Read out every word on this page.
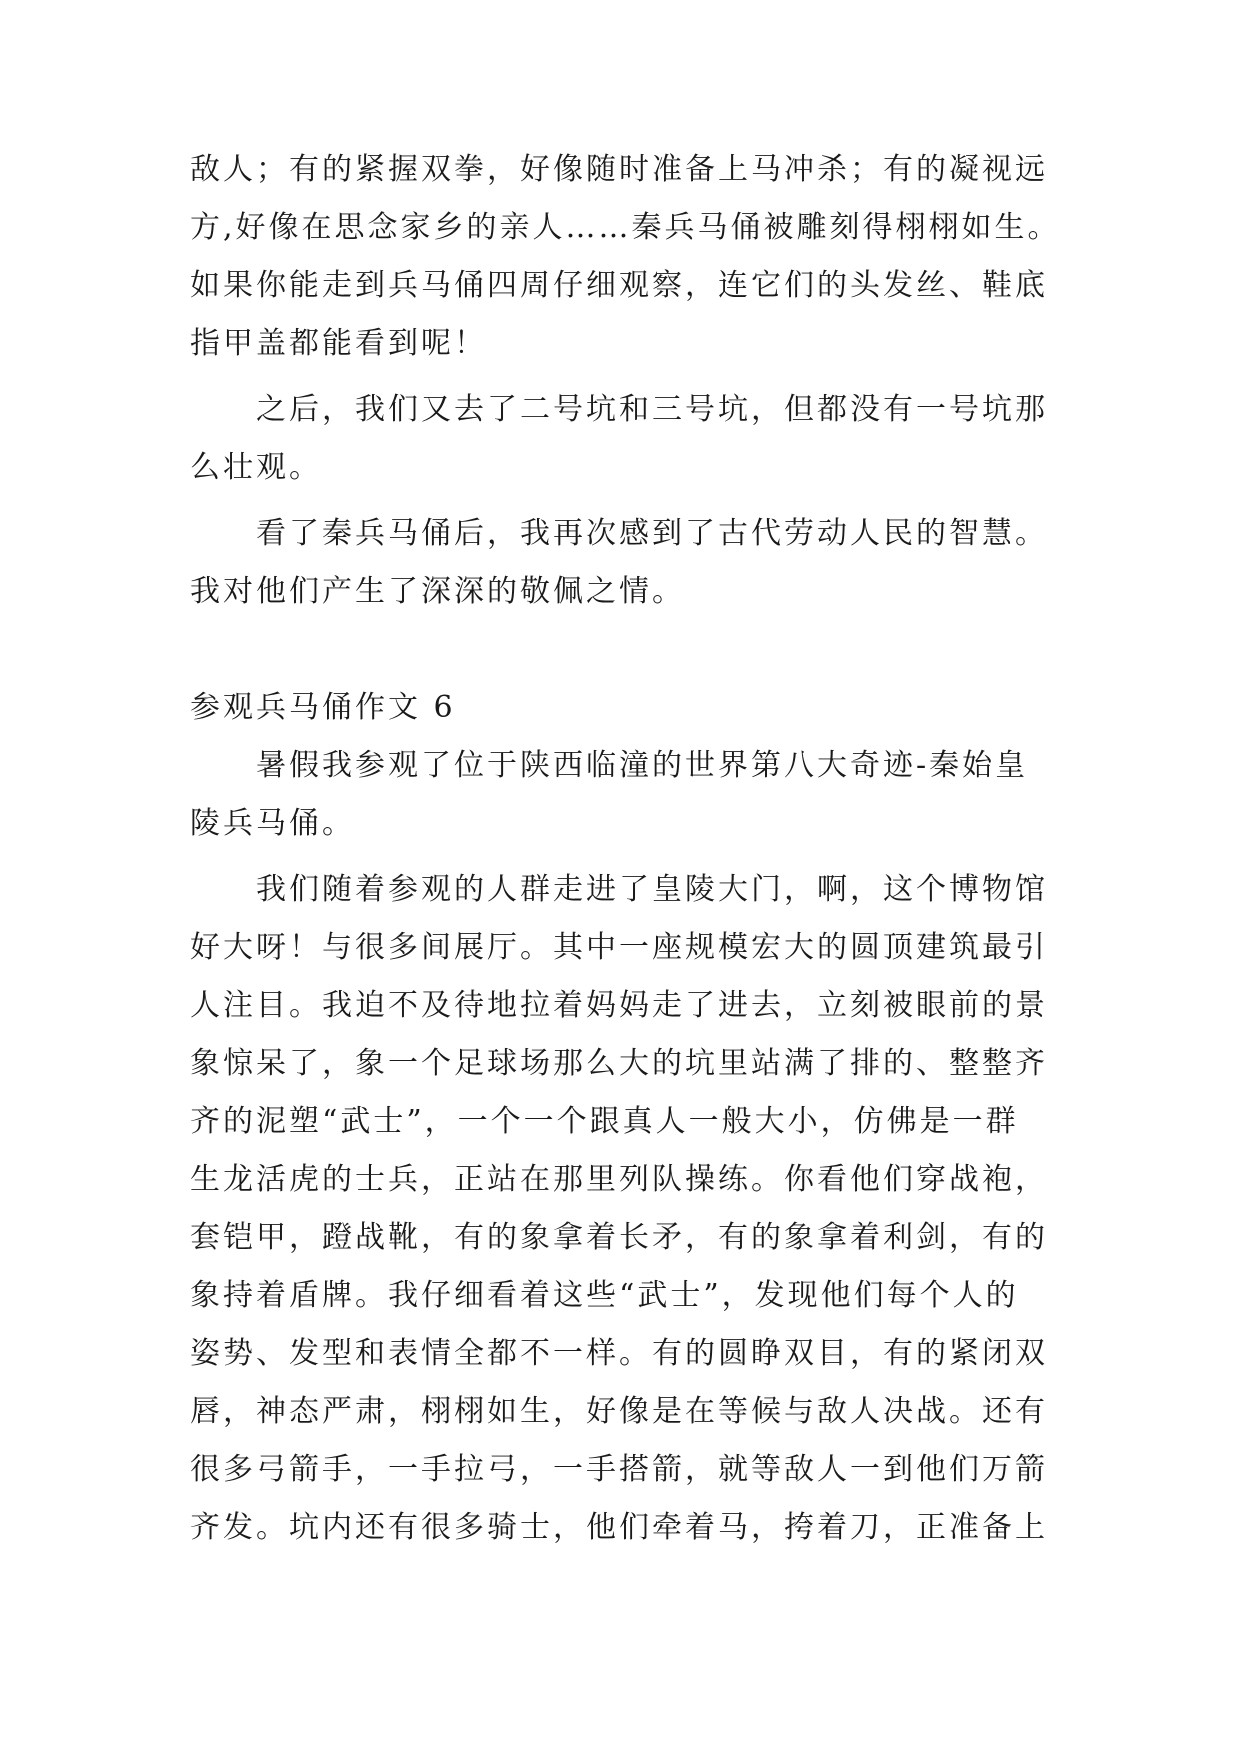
敌人；有的紧握双拳，好像随时准备上马冲杀；有的凝视远
方,好像在思念家乡的亲人……秦兵马俑被雕刻得栩栩如生。
如果你能走到兵马俑四周仔细观察，连它们的头发丝、鞋底
指甲盖都能看到呢！
之后，我们又去了二号坑和三号坑，但都没有一号坑那
么壮观。
看了秦兵马俑后，我再次感到了古代劳动人民的智慧。
我对他们产生了深深的敬佩之情。
参观兵马俑作文 6
暑假我参观了位于陕西临潼的世界第八大奇迹-秦始皇
陵兵马俑。
我们随着参观的人群走进了皇陵大门，啊，这个博物馆
好大呀！与很多间展厅。其中一座规模宏大的圆顶建筑最引
人注目。我迫不及待地拉着妈妈走了进去，立刻被眼前的景
象惊呆了，象一个足球场那么大的坑里站满了排的、整整齐
齐的泥塑“武士”，一个一个跟真人一般大小，仿佛是一群
生龙活虎的士兵，正站在那里列队操练。你看他们穿战袍，
套铠甲，蹬战靴，有的象拿着长矛，有的象拿着利剑，有的
象持着盾牌。我仔细看着这些“武士”，发现他们每个人的
姿势、发型和表情全都不一样。有的圆睁双目，有的紧闭双
唇，神态严肃，栩栩如生，好像是在等候与敌人决战。还有
很多弓箭手，一手拉弓，一手搭箭，就等敌人一到他们万箭
齐发。坑内还有很多骑士，他们牵着马，挎着刀，正准备上
